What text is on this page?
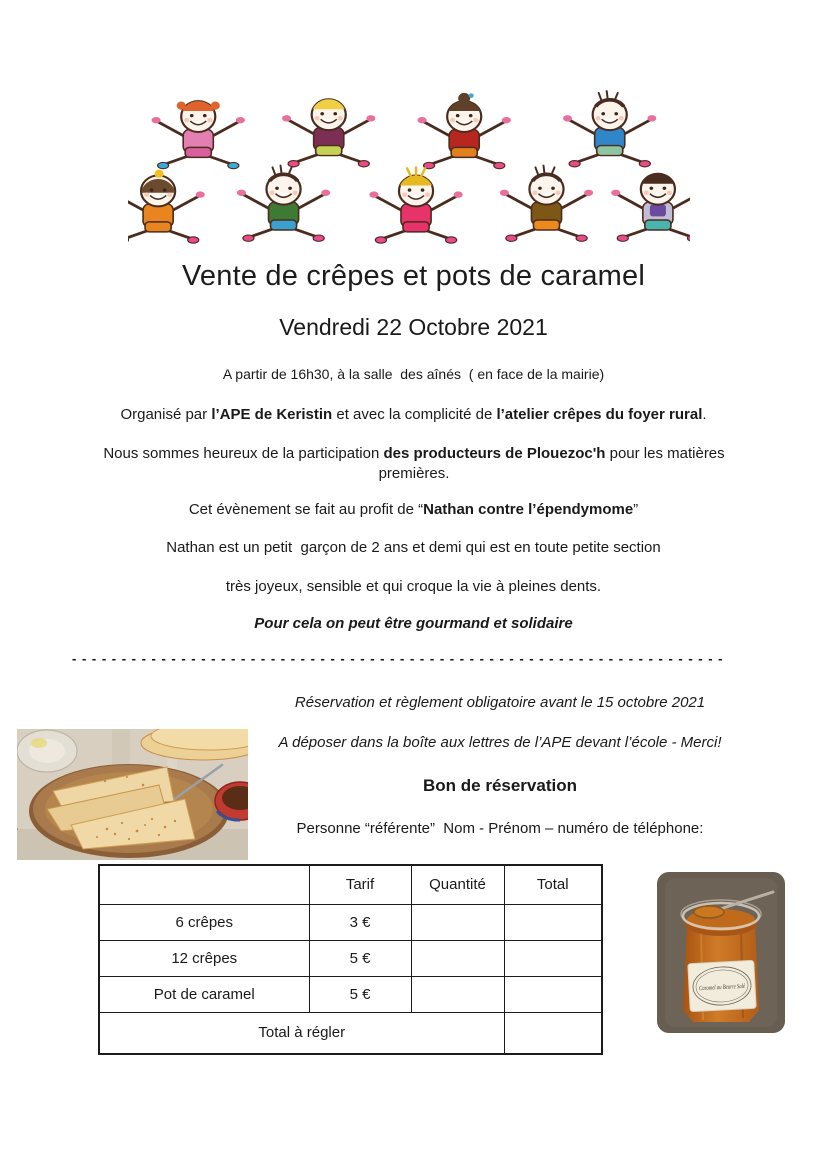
Vente de crêpes et pots de caramel
Vendredi 22 Octobre 2021
A partir de 16h30, à la salle  des aînés  ( en face de la mairie)
Organisé par l’APE de Keristin et avec la complicité de l’atelier crêpes du foyer rural.
Nous sommes heureux de la participation des producteurs de Plouezoc'h pour les matières premières.
Cet évènement se fait au profit de “Nathan contre l’épendymome”
Nathan est un petit  garçon de 2 ans et demi qui est en toute petite section
très joyeux, sensible et qui croque la vie à pleines dents.
Pour cela on peut être gourmand et solidaire
- - - - - - - - - - - - - - - - - - - - - - - - - - - - - - - - - - - - - - - - - - - - - - - - - - - - - - - - - - - - - - - - - -
Réservation et règlement obligatoire avant le 15 octobre 2021
A déposer dans la boîte aux lettres de l’APE devant l’école - Merci!
Bon de réservation
Personne “référente”  Nom - Prénom – numéro de téléphone:
	Tarif	Quantité	Total
6 crêpes	3 €		
12 crêpes	5 €		
Pot de caramel	5 €		
Total à régler			
Caramel au Beurre Salé
